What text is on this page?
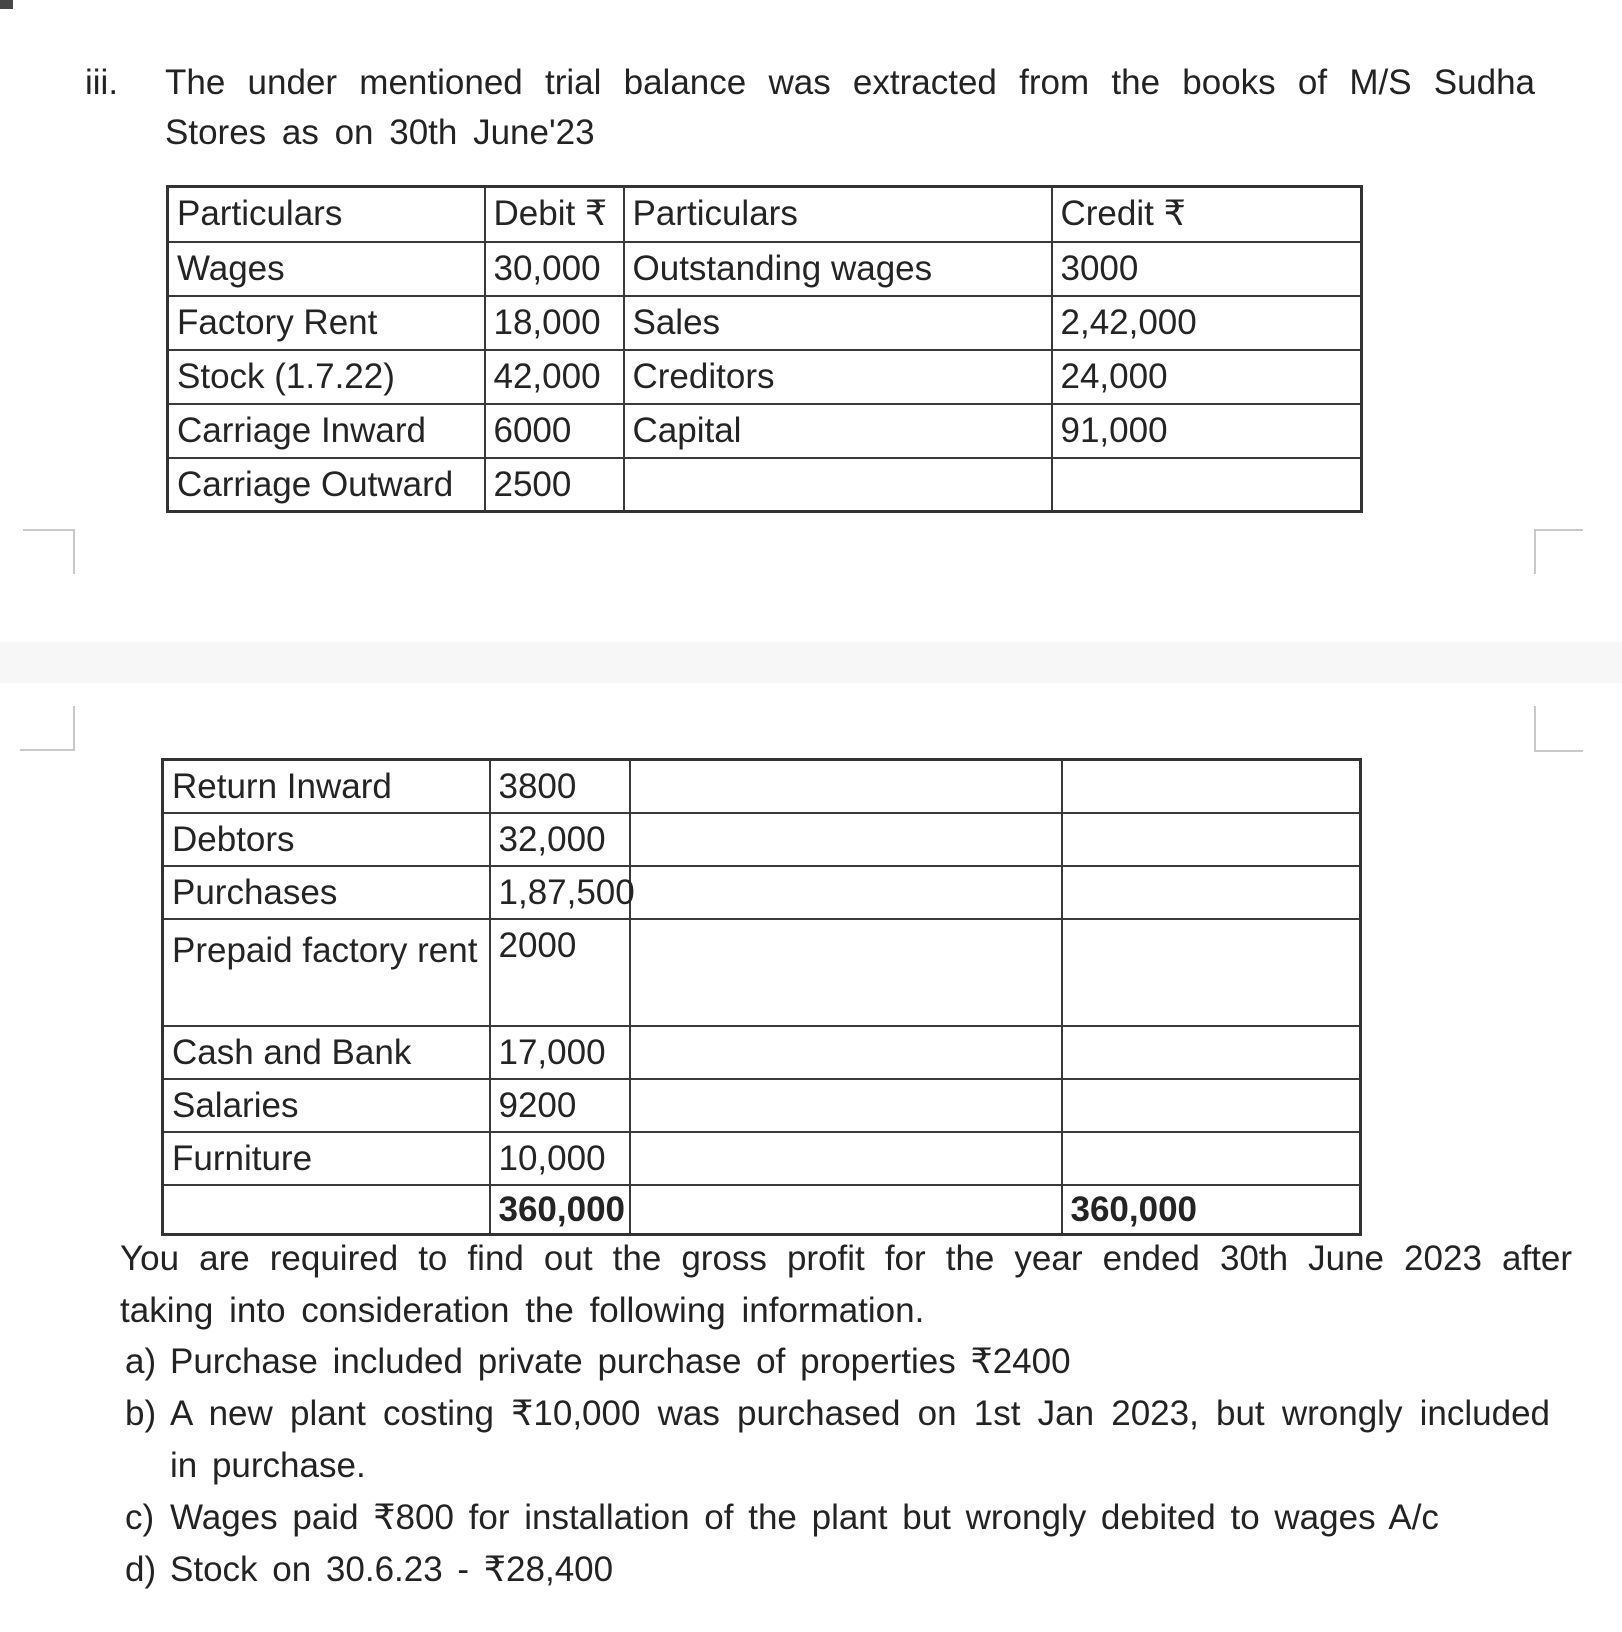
iii. The under mentioned trial balance was extracted from the books of M/S Sudha Stores as on 30th June'23
Particulars	Debit ₹	Particulars	Credit ₹
Wages	30,000	Outstanding wages	3000
Factory Rent	18,000	Sales	2,42,000
Stock (1.7.22)	42,000	Creditors	24,000
Carriage Inward	6000	Capital	91,000
Carriage Outward	2500		
Return Inward	3800		
Debtors	32,000		
Purchases	1,87,500		
Prepaid factory rent	2000		
Cash and Bank	17,000		
Salaries	9200		
Furniture	10,000		
	360,000		360,000

You are required to find out the gross profit for the year ended 30th June 2023 after taking into consideration the following information.

a) Purchase included private purchase of properties ₹2400
b) A new plant costing ₹10,000 was purchased on 1st Jan 2023, but wrongly included in purchase.
c) Wages paid ₹800 for installation of the plant but wrongly debited to wages A/c
d) Stock on 30.6.23 - ₹28,400
